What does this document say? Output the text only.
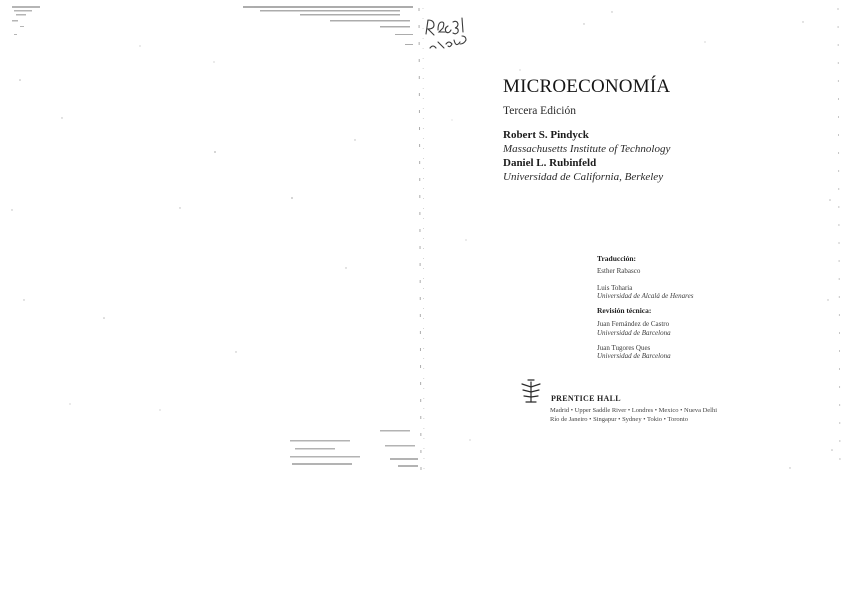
MICROECONOMÍA
Tercera Edición
Robert S. Pindyck
Massachusetts Institute of Technology
Daniel L. Rubinfeld
Universidad de California, Berkeley
Traducción:
Esther Rabasco
Luis Toharia
Universidad de Alcalá de Henares
Revisión técnica:
Juan Fernández de Castro
Universidad de Barcelona
Juan Tugores Ques
Universidad de Barcelona
PRENTICE HALL
Madrid • Upper Saddle River • Londres • Mexico • Nueva Delhi
Río de Janeiro • Singapur • Sydney • Tokio • Toronto
